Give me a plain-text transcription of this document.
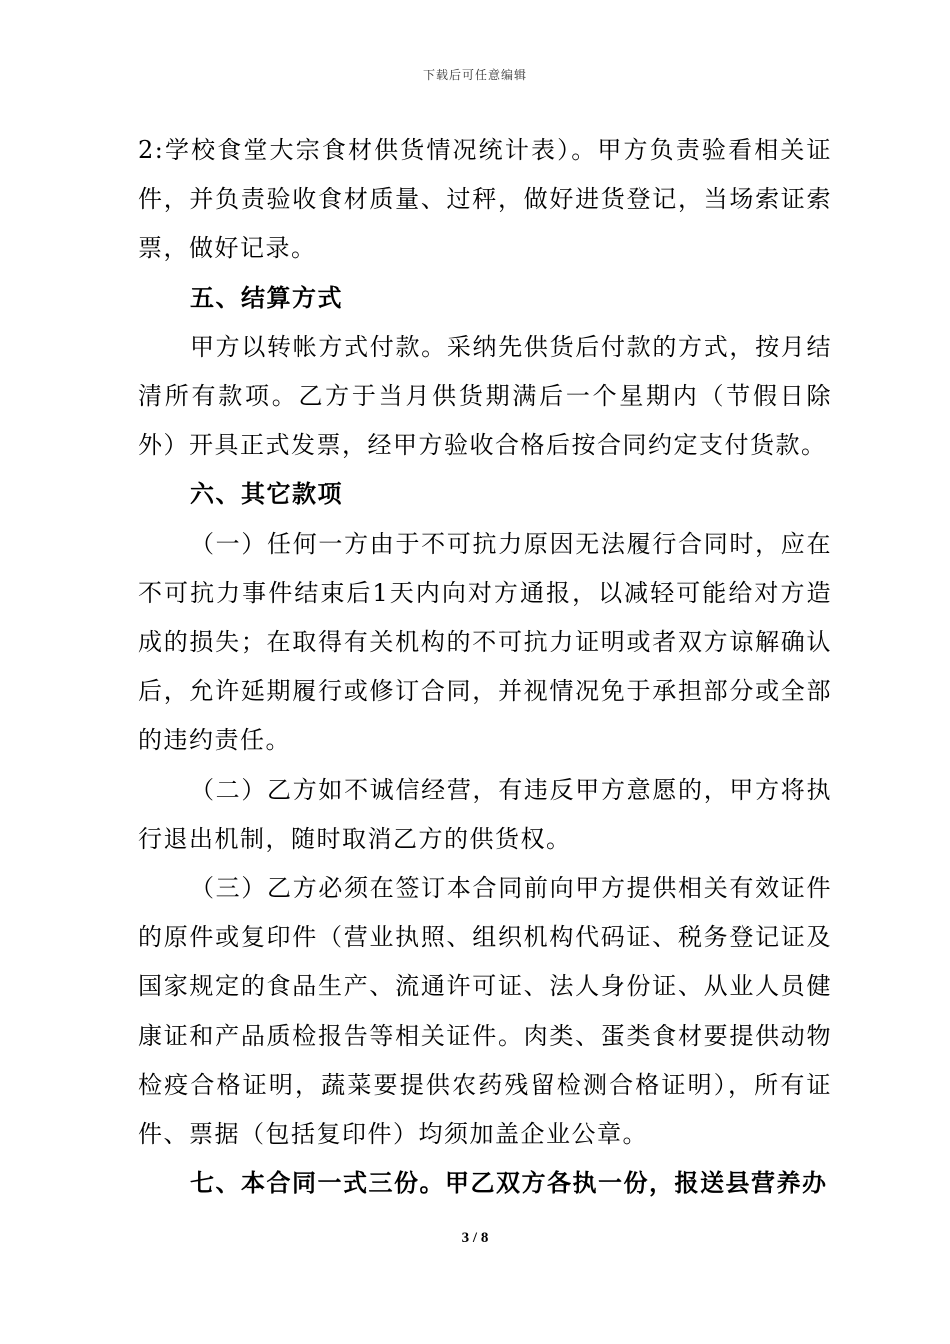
下载后可任意编辑

2:学校食堂大宗食材供货情况统计表）。甲方负责验看相关证件，并负责验收食材质量、过秤，做好进货登记，当场索证索票，做好记录。

五、结算方式

甲方以转帐方式付款。采纳先供货后付款的方式，按月结清所有款项。乙方于当月供货期满后一个星期内（节假日除外）开具正式发票，经甲方验收合格后按合同约定支付货款。

六、其它款项

（一）任何一方由于不可抗力原因无法履行合同时，应在不可抗力事件结束后1天内向对方通报，以减轻可能给对方造成的损失；在取得有关机构的不可抗力证明或者双方谅解确认后，允许延期履行或修订合同，并视情况免于承担部分或全部的违约责任。

（二）乙方如不诚信经营，有违反甲方意愿的，甲方将执行退出机制，随时取消乙方的供货权。

（三）乙方必须在签订本合同前向甲方提供相关有效证件的原件或复印件（营业执照、组织机构代码证、税务登记证及国家规定的食品生产、流通许可证、法人身份证、从业人员健康证和产品质检报告等相关证件。肉类、蛋类食材要提供动物检疫合格证明，蔬菜要提供农药残留检测合格证明），所有证件、票据（包括复印件）均须加盖企业公章。

七、本合同一式三份。甲乙双方各执一份，报送县营养办

3 / 8
